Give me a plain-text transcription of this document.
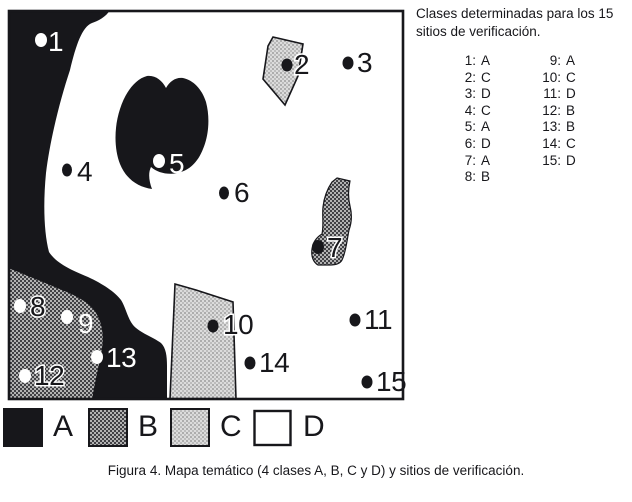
1
2 3
4	5
6
7
8
9	10	11
12
13	14
15
Clases determinadas para los 15
sitios de verificación.
1: A
2: C
3: D
4: C
5: A
6: D
7: A
8: B
9: A
10: C
11: D
12: B
13: B
14: C
15: D
A B C D
Figura 4. Mapa temático (4 clases A, B, C y D) y sitios de verificación.
